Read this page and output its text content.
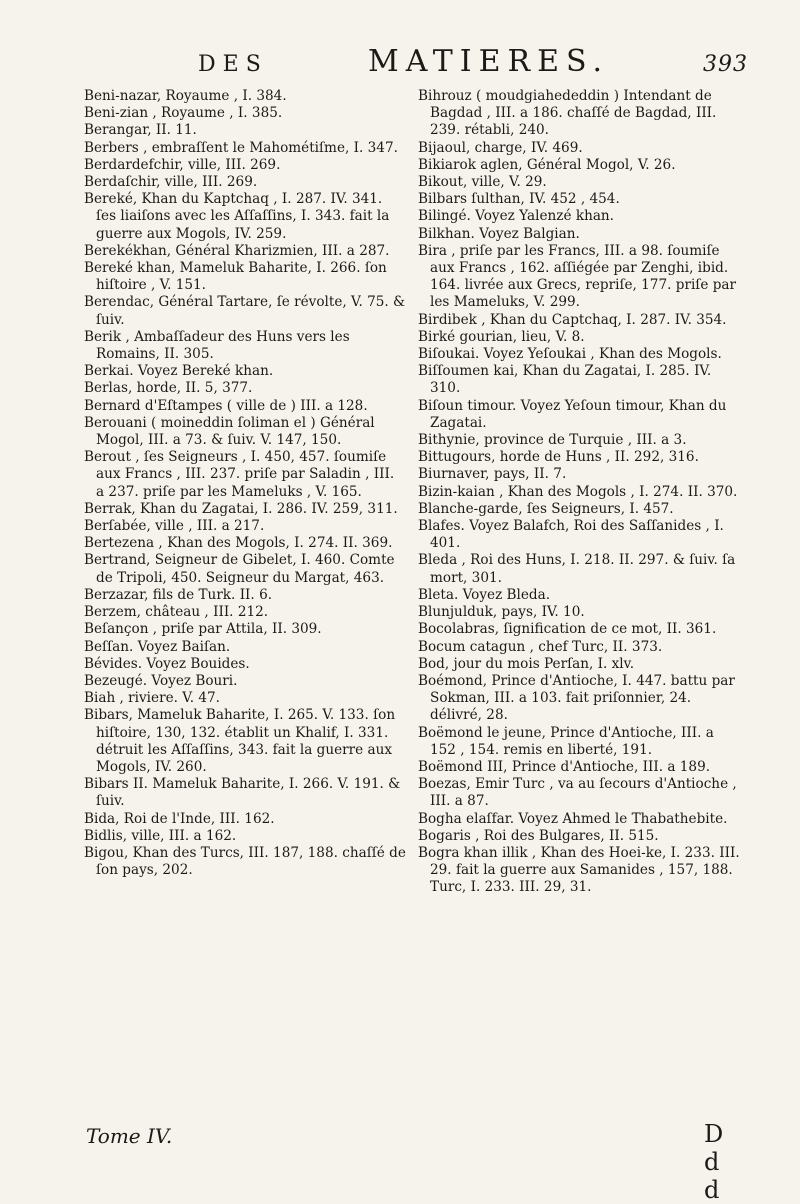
DES	MATIERES.	393

Beni-nazar, Royaume , I. 384.

Beni-zian , Royaume , I. 385.

Berangar, II. 11.

Berbers , embraſſent le Mahométiſme, I. 347.

Berdardefchir, ville, III. 269.

Berdaſchir, ville, III. 269.

Bereké, Khan du Kaptchaq , I. 287. IV. 341. ſes liaiſons avec les Aſſaſſins, I. 343. fait la guerre aux Mogols, IV. 259.

Berekékhan, Général Kharizmien, III. a 287.

Bereké khan, Mameluk Baharite, I. 266. ſon hiſtoire , V. 151.

Berendac, Général Tartare, ſe révolte, V. 75. & ſuiv.

Berik , Ambaſſadeur des Huns vers les Romains, II. 305.

Berkai. Voyez Bereké khan.

Berlas, horde, II. 5, 377.

Bernard d'Eſtampes ( ville de ) III. a 128.

Berouani ( moineddin ſoliman el ) Général Mogol, III. a 73. & ſuiv. V. 147, 150.

Berout , ſes Seigneurs , I. 450, 457. ſoumiſe aux Francs , III. 237. priſe par Saladin , III. a 237. priſe par les Mameluks , V. 165.

Berrak, Khan du Zagatai, I. 286. IV. 259, 311.

Berſabée, ville , III. a 217.

Bertezena , Khan des Mogols, I. 274. II. 369.

Bertrand, Seigneur de Gibelet, I. 460. Comte de Tripoli, 450. Seigneur du Margat, 463.

Berzazar, fils de Turk. II. 6.

Berzem, château , III. 212.

Beſançon , priſe par Attila, II. 309.

Beſſan. Voyez Baiſan.

Bévides. Voyez Bouides.

Bezeugé. Voyez Bouri.

Biah , riviere. V. 47.

Bibars, Mameluk Baharite, I. 265. V. 133. ſon hiſtoire, 130, 132. établit un Khalif, I. 331. détruit les Aſſaſſins, 343. fait la guerre aux Mogols, IV. 260.

Bibars II. Mameluk Baharite, I. 266. V. 191. & ſuiv.

Bida, Roi de l'Inde, III. 162.

Bidlis, ville, III. a 162.

Bigou, Khan des Turcs, III. 187, 188. chaſſé de ſon pays, 202.

Bihrouz ( moudgiahededdin ) Intendant de Bagdad , III. a 186. chaſſé de Bagdad, III. 239. rétabli, 240.

Bijaoul, charge, IV. 469.

Bikiarok aglen, Général Mogol, V. 26.

Bikout, ville, V. 29.

Bilbars ſulthan, IV. 452 , 454.

Bilingé. Voyez Yalenzé khan.

Bilkhan. Voyez Balgian.

Bira , priſe par les Francs, III. a 98. ſoumiſe aux Francs , 162. aſſiégée par Zenghi, ibid. 164. livrée aux Grecs, repriſe, 177. priſe par les Mameluks, V. 299.

Birdibek , Khan du Captchaq, I. 287. IV. 354.

Birké gourian, lieu, V. 8.

Biſoukai. Voyez Yeſoukai , Khan des Mogols.

Biſſoumen kai, Khan du Zagatai, I. 285. IV. 310.

Biſoun timour. Voyez Yeſoun timour, Khan du Zagatai.

Bithynie, province de Turquie , III. a 3.

Bittugours, horde de Huns , II. 292, 316.

Biurnaver, pays, II. 7.

Bizin-kaian , Khan des Mogols , I. 274. II. 370.

Blanche-garde, ſes Seigneurs, I. 457.

Blafes. Voyez Balafch, Roi des Saſſanides , I. 401.

Bleda , Roi des Huns, I. 218. II. 297. & ſuiv. ſa mort, 301.

Bleta. Voyez Bleda.

Blunjulduk, pays, IV. 10.

Bocolabras, ſignification de ce mot, II. 361.

Bocum catagun , chef Turc, II. 373.

Bod, jour du mois Perſan, I. xlv.

Boémond, Prince d'Antioche, I. 447. battu par Sokman, III. a 103. fait priſonnier, 24. délivré, 28.

Boëmond le jeune, Prince d'Antioche, III. a 152 , 154. remis en liberté, 191.

Boëmond III, Prince d'Antioche, III. a 189.

Boezas, Emir Turc , va au ſecours d'Antioche , III. a 87.

Bogha elaſfar. Voyez Ahmed le Thabathebite.

Bogaris , Roi des Bulgares, II. 515.

Bogra khan illik , Khan des Hoei-ke, I. 233. III. 29. fait la guerre aux Samanides , 157, 188. Turc, I. 233. III. 29, 31.

Tome IV.	D d d
